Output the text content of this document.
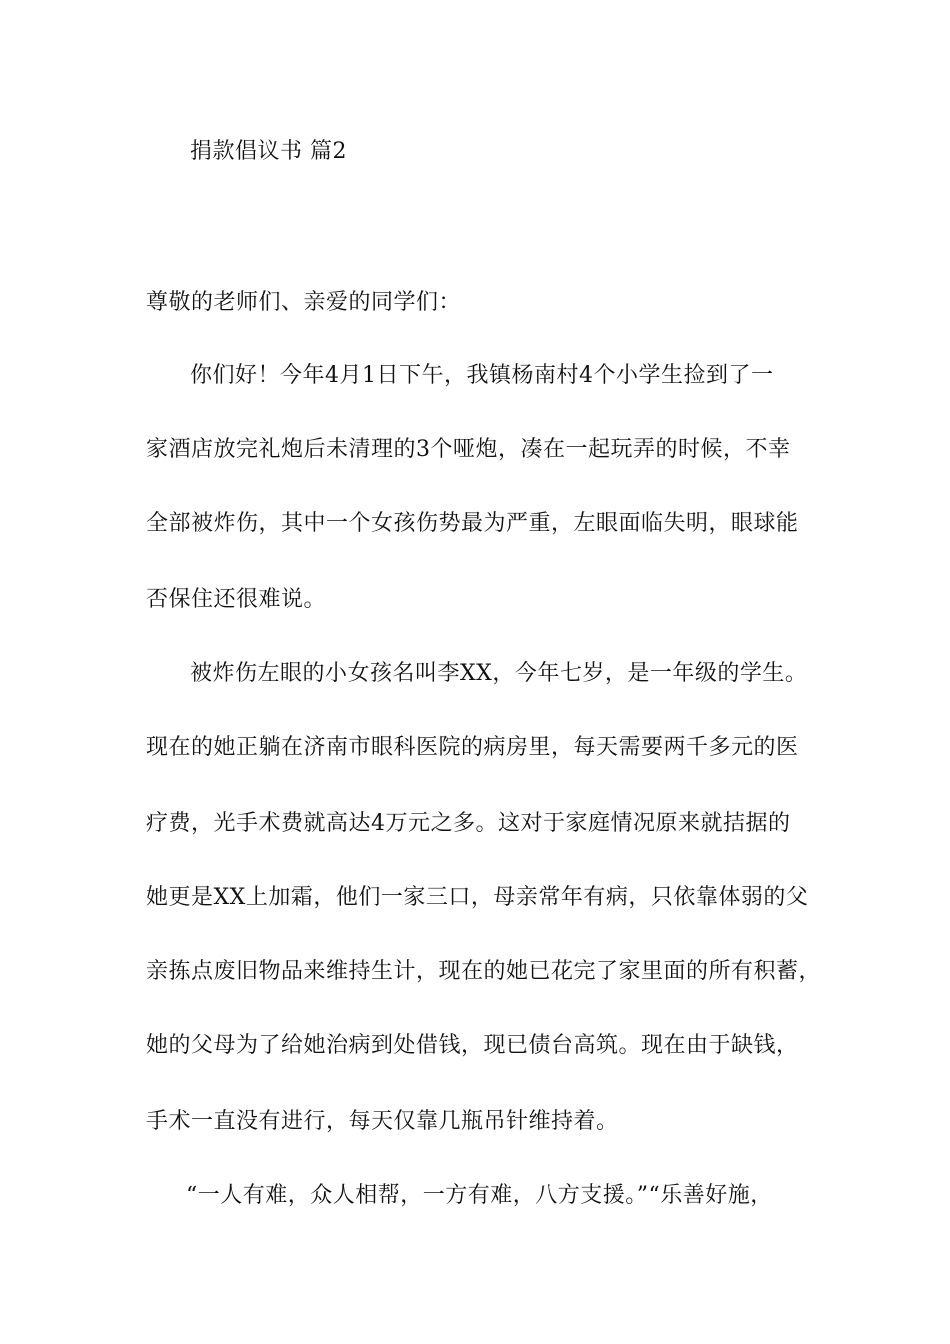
捐款倡议书 篇2
尊敬的老师们、亲爱的同学们：
你们好！今年4月1日下午，我镇杨南村4个小学生捡到了一
家酒店放完礼炮后未清理的3个哑炮，凑在一起玩弄的时候，不幸
全部被炸伤，其中一个女孩伤势最为严重，左眼面临失明，眼球能
否保住还很难说。
被炸伤左眼的小女孩名叫李XX，今年七岁，是一年级的学生。
现在的她正躺在济南市眼科医院的病房里，每天需要两千多元的医
疗费，光手术费就高达4万元之多。这对于家庭情况原来就拮据的
她更是XX上加霜，他们一家三口，母亲常年有病，只依靠体弱的父
亲拣点废旧物品来维持生计，现在的她已花完了家里面的所有积蓄，
她的父母为了给她治病到处借钱，现已债台高筑。现在由于缺钱，
手术一直没有进行，每天仅靠几瓶吊针维持着。
“一人有难，众人相帮，一方有难，八方支援。”“乐善好施，
